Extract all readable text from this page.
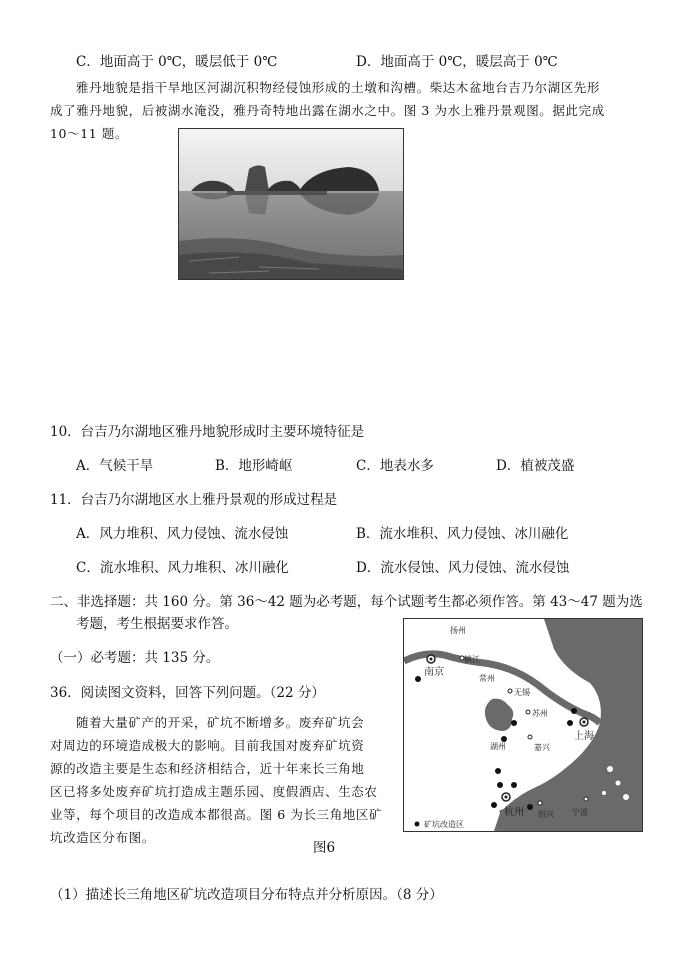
C．地面高于 0℃，暖层低于 0℃	D．地面高于 0℃，暖层高于 0℃
雅丹地貌是指干旱地区河湖沉积物经侵蚀形成的土墩和沟槽。柴达木盆地台吉乃尔湖区先形
成了雅丹地貌，后被湖水淹没，雅丹奇特地出露在湖水之中。图 3 为水上雅丹景观图。据此完成
10～11 题。
10．台吉乃尔湖地区雅丹地貌形成时主要环境特征是
A．气候干旱	B．地形崎岖	C．地表水多	D．植被茂盛
11．台吉乃尔湖地区水上雅丹景观的形成过程是
A．风力堆积、风力侵蚀、流水侵蚀	B．流水堆积、风力侵蚀、冰川融化
C．流水堆积、风力堆积、冰川融化	D．流水侵蚀、风力侵蚀、流水侵蚀
二、非选择题：共 160 分。第 36～42 题为必考题，每个试题考生都必须作答。第 43～47 题为选
考题，考生根据要求作答。
（一）必考题：共 135 分。
36．阅读图文资料，回答下列问题。（22 分）
随着大量矿产的开采，矿坑不断增多。废弃矿坑会
对周边的环境造成极大的影响。目前我国对废弃矿坑资
源的改造主要是生态和经济相结合，近十年来长三角地
区已将多处废弃矿坑打造成主题乐园、度假酒店、生态农
业等，每个项目的改造成本都很高。图 6 为长三角地区矿
坑改造区分布图。
扬州
镇江
南京
常州
无锡
苏州
湖州	嘉兴
上海
杭州 绍兴 宁波
矿坑改造区
图6
（1）描述长三角地区矿坑改造项目分布特点并分析原因。（8 分）
